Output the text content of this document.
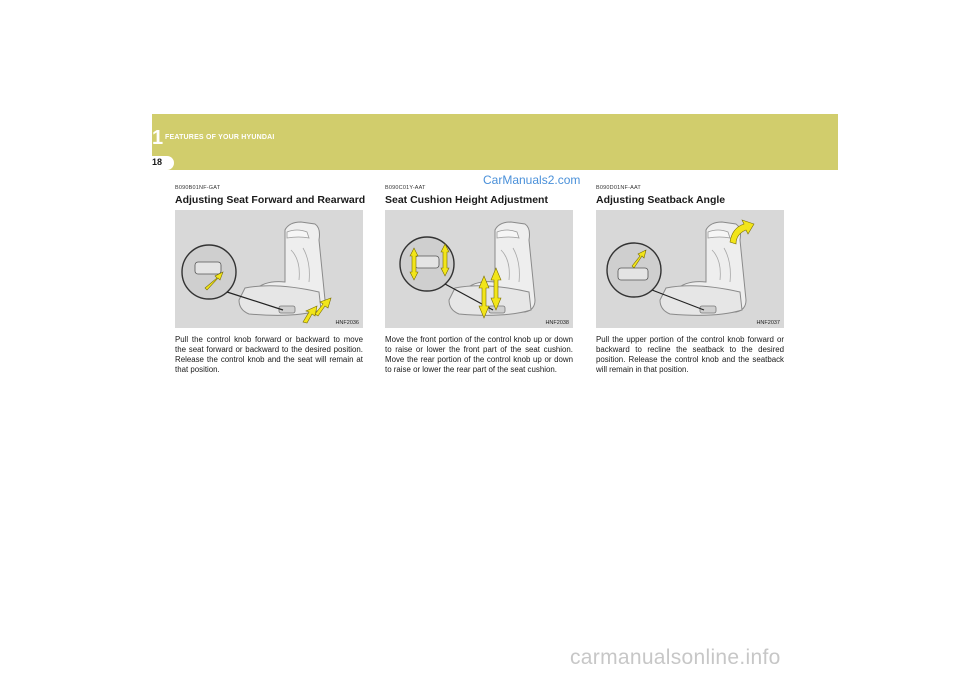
1 FEATURES OF YOUR HYUNDAI
18
CarManuals2.com
B090B01NF-GAT
Adjusting Seat Forward and Rearward
HNF2036
Pull the control knob forward or backward to move the seat forward or backward to the desired position. Release the control knob and the seat will remain at that position.
B090C01Y-AAT
Seat Cushion Height Adjustment
HNF2038
Move the front portion of the control knob up or down to raise or lower the front part of the seat cushion. Move the rear portion of the control knob up or down to raise or lower the rear part of the seat cushion.
B090D01NF-AAT
Adjusting Seatback Angle
HNF2037
Pull the upper portion of the control knob forward or backward to recline the seatback to the desired position. Release the control knob and the seatback will remain in that position.
carmanualsonline.info
